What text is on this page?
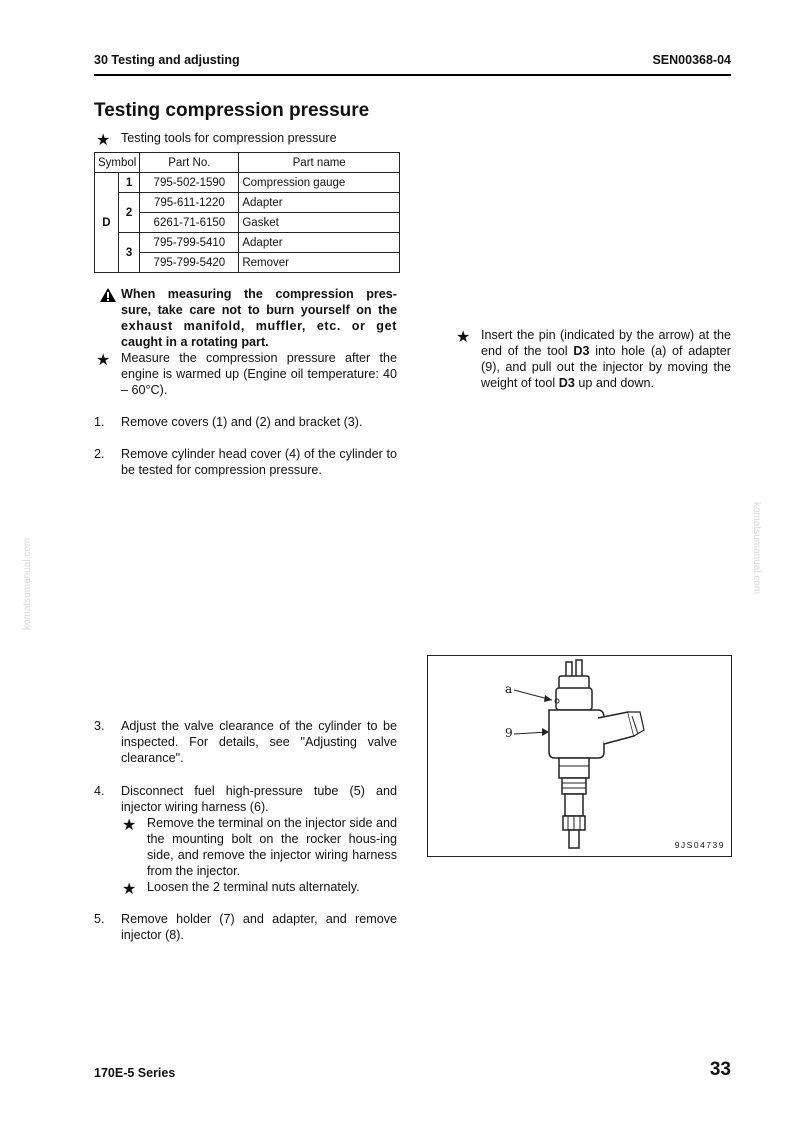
30 Testing and adjusting	SEN00368-04
komatsumanual.com	komatsumanual.com
Testing compression pressure
★ Testing tools for compression pressure
Symbol		Part No.	Part name
D	1	795-502-1590	Compression gauge
	2	795-611-1220	Adapter
		6261-71-6150	Gasket
	3	795-799-5410	Adapter
		795-799-5420	Remover
When measuring the compression pres-
sure, take care not to burn yourself on the
exhaust manifold, muffler, etc. or get
caught in a rotating part.
★ Measure the compression pressure after the engine is warmed up (Engine oil temperature: 40 – 60°C).
1. Remove covers (1) and (2) and bracket (3).
2. Remove cylinder head cover (4) of the cylinder to be tested for compression pressure.
3. Adjust the valve clearance of the cylinder to be inspected. For details, see "Adjusting valve clearance".
4. Disconnect fuel high-pressure tube (5) and injector wiring harness (6).
★ Remove the terminal on the injector side and the mounting bolt on the rocker hous-ing side, and remove the injector wiring harness from the injector.
★ Loosen the 2 terminal nuts alternately.
5. Remove holder (7) and adapter, and remove injector (8).
★ Insert the pin (indicated by the arrow) at the end of the tool D3 into hole (a) of adapter (9), and pull out the injector by moving the weight of tool D3 up and down.
a
9
9JS04739
170E-5 Series	33
